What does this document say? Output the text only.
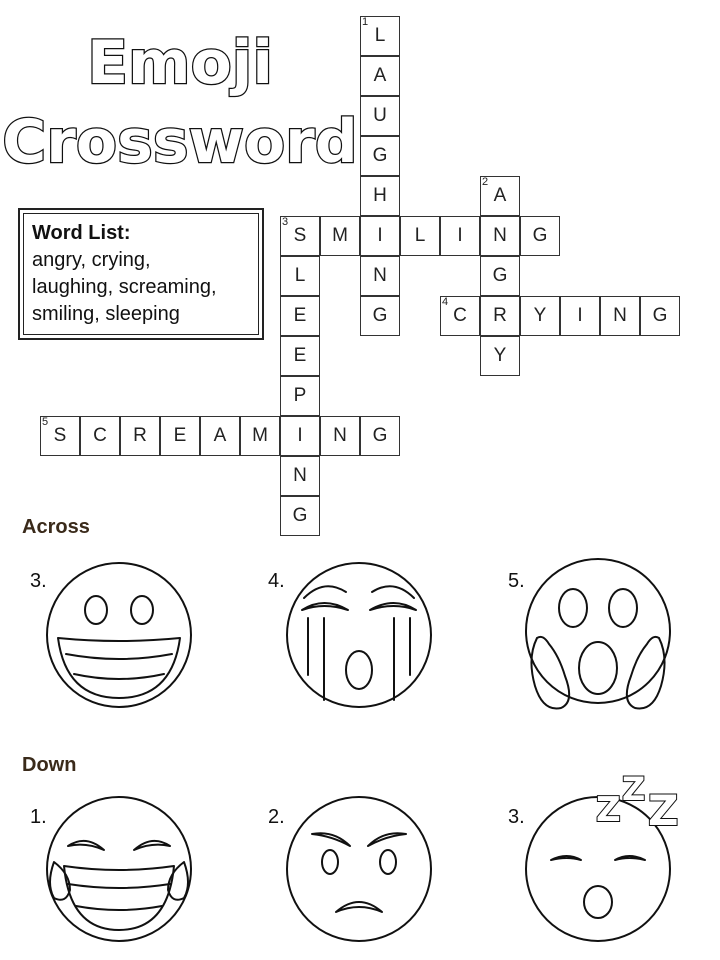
Emoji
Crossword
Word List:
angry, crying,
laughing, screaming,
smiling, sleeping
1
L
A
U
G
H
2
A
3
S	M	I	L	I	N	G
L	N	G
E	G
4
C	R	Y	I	N	G
E	Y
P
5
S	C	R	E	A	M	I	N	G
N
G
Across
Down
3.	4.	5.
1.	2.	3. Z
Z Z
